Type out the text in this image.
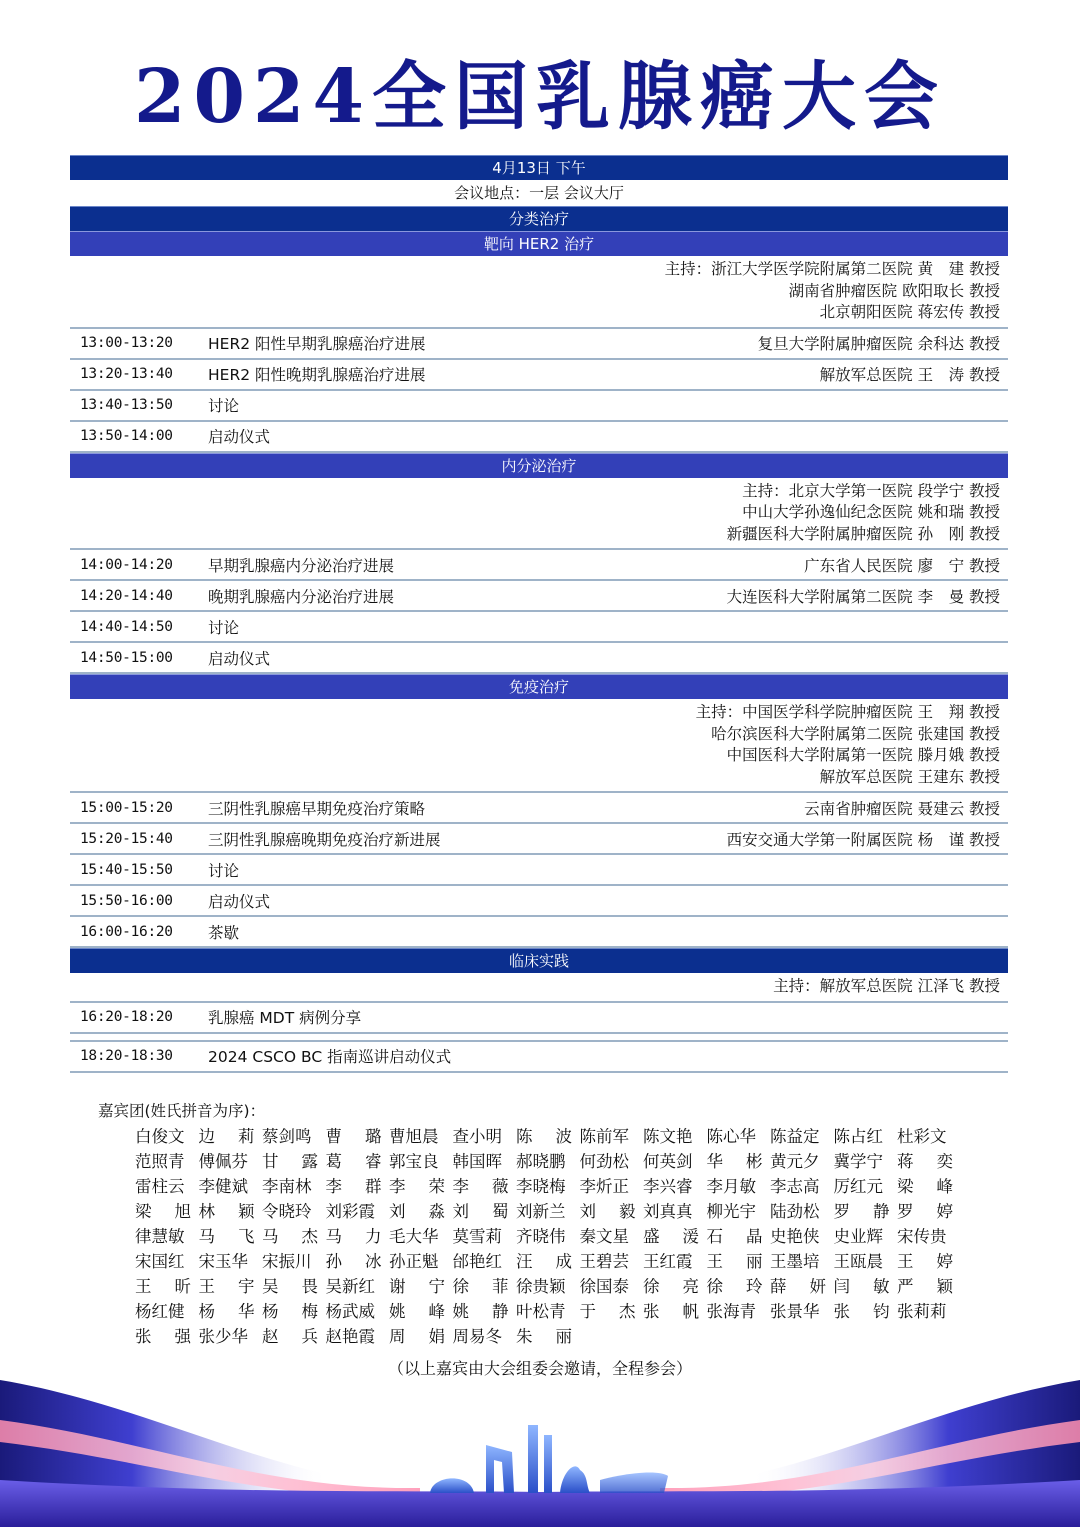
2024全国乳腺癌大会
4月13日 下午
会议地点：一层 会议大厅
分类治疗
靶向 HER2 治疗
主持：浙江大学医学院附属第二医院 黄　建 教授
湖南省肿瘤医院 欧阳取长 教授
北京朝阳医院 蒋宏传 教授
13:00-13:20	HER2 阳性早期乳腺癌治疗进展	复旦大学附属肿瘤医院 余科达 教授
13:20-13:40	HER2 阳性晚期乳腺癌治疗进展	解放军总医院 王　涛 教授
13:40-13:50	讨论
13:50-14:00	启动仪式
内分泌治疗
主持：北京大学第一医院 段学宁 教授
中山大学孙逸仙纪念医院 姚和瑞 教授
新疆医科大学附属肿瘤医院 孙　刚 教授
14:00-14:20	早期乳腺癌内分泌治疗进展	广东省人民医院 廖　宁 教授
14:20-14:40	晚期乳腺癌内分泌治疗进展	大连医科大学附属第二医院 李　曼 教授
14:40-14:50	讨论
14:50-15:00	启动仪式
免疫治疗
主持：中国医学科学院肿瘤医院 王　翔 教授
哈尔滨医科大学附属第二医院 张建国 教授
中国医科大学附属第一医院 滕月娥 教授
解放军总医院 王建东 教授
15:00-15:20	三阴性乳腺癌早期免疫治疗策略	云南省肿瘤医院 聂建云 教授
15:20-15:40	三阴性乳腺癌晚期免疫治疗新进展	西安交通大学第一附属医院 杨　谨 教授
15:40-15:50	讨论
15:50-16:00	启动仪式
16:00-16:20	茶歇
临床实践
主持：解放军总医院 江泽飞 教授
16:20-18:20	乳腺癌 MDT 病例分享
18:20-18:30	2024 CSCO BC 指南巡讲启动仪式
嘉宾团(姓氏拼音为序)：
白俊文 边 莉 蔡剑鸣 曹 璐 曹旭晨 查小明 陈 波 陈前军 陈文艳 陈心华 陈益定 陈占红 杜彩文
范照青 傅佩芬 甘 露 葛 睿 郭宝良 韩国晖 郝晓鹏 何劲松 何英剑 华 彬 黄元夕 冀学宁 蒋 奕
雷柱云 李健斌 李南林 李 群 李 荣 李 薇 李晓梅 李炘正 李兴睿 李月敏 李志高 厉红元 梁 峰
梁 旭 林 颖 令晓玲 刘彩霞 刘 淼 刘 蜀 刘新兰 刘 毅 刘真真 柳光宇 陆劲松 罗 静 罗 婷
律慧敏 马 飞 马 杰 马 力 毛大华 莫雪莉 齐晓伟 秦文星 盛 湲 石 晶 史艳侠 史业辉 宋传贵
宋国红 宋玉华 宋振川 孙 冰 孙正魁 邰艳红 汪 成 王碧芸 王红霞 王 丽 王墨培 王瓯晨 王 婷
王 昕 王 宇 吴 畏 吴新红 谢 宁 徐 菲 徐贵颖 徐国泰 徐 亮 徐 玲 薛 妍 闫 敏 严 颖
杨红健 杨 华 杨 梅 杨武威 姚 峰 姚 静 叶松青 于 杰 张 帆 张海青 张景华 张 钧 张莉莉
张 强 张少华 赵 兵 赵艳霞 周 娟 周易冬 朱 丽
（以上嘉宾由大会组委会邀请，全程参会）
